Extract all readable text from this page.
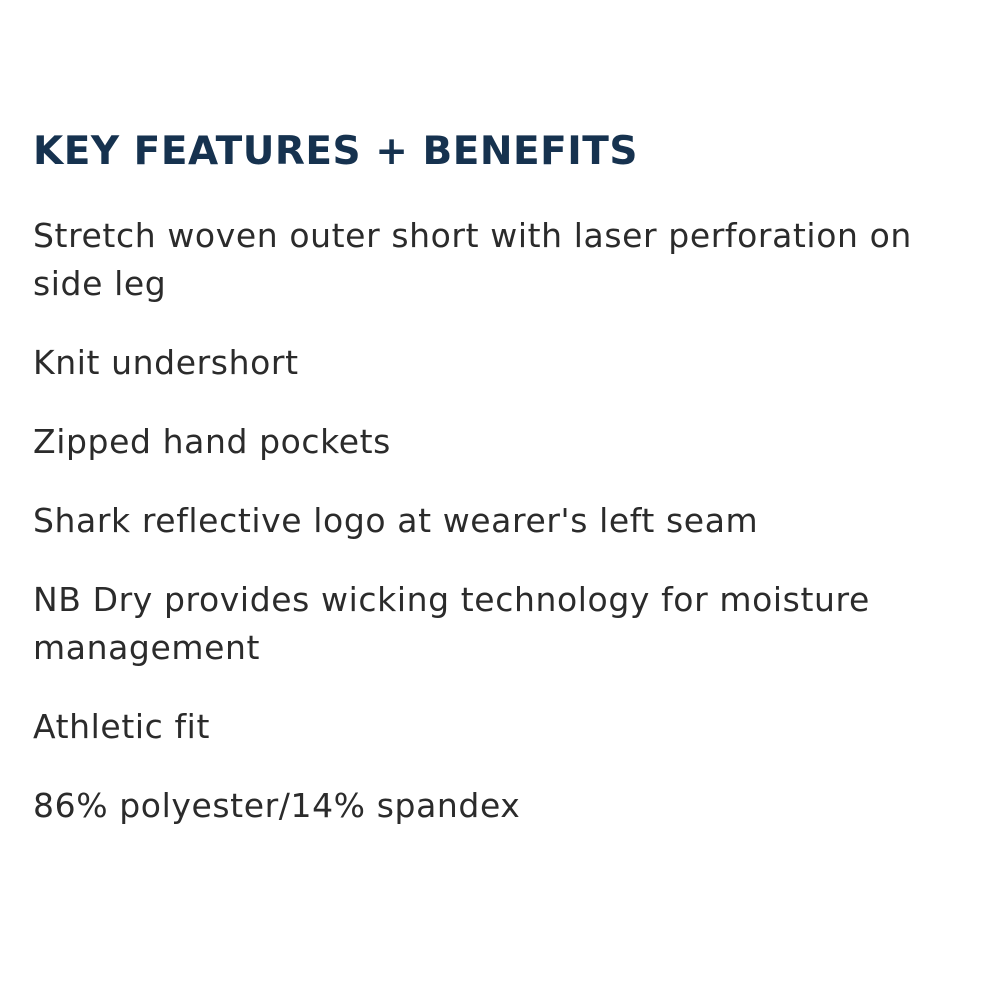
KEY FEATURES + BENEFITS
Stretch woven outer short with laser perforation on side leg
Knit undershort
Zipped hand pockets
Shark reflective logo at wearer's left seam
NB Dry provides wicking technology for moisture management
Athletic fit
86% polyester/14% spandex
